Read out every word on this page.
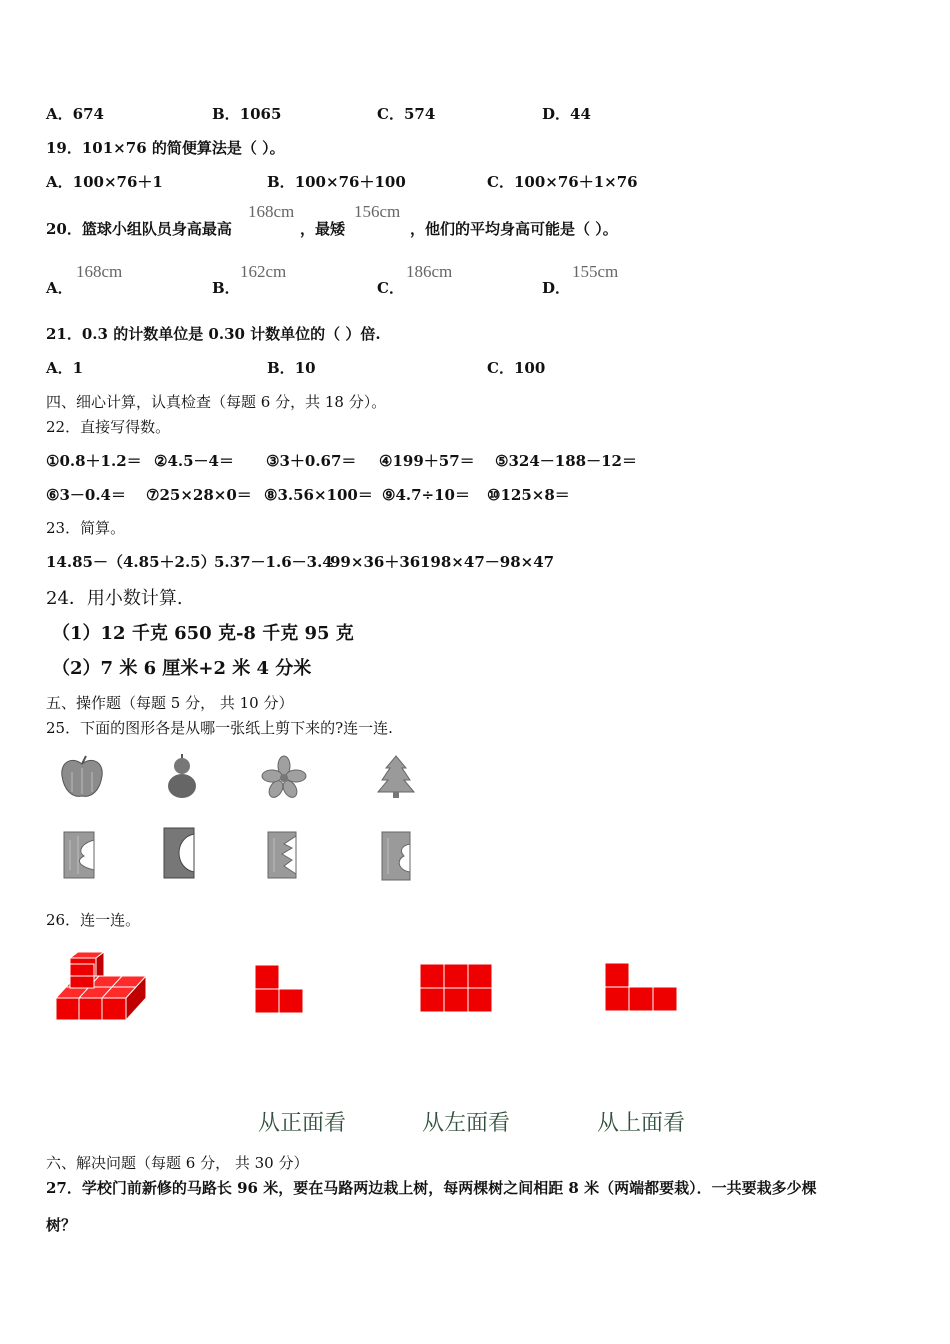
A．674	B．1065	C．574	D．44
19．101×76 的简便算法是（ ）。
A．100×76＋1	B．100×76＋100	C．100×76＋1×76
20．篮球小组队员身高最高
168cm
，最矮
156cm
，他们的平均身高可能是（ ）。
A．
168cm
B．
162cm
C．
186cm
D．
155cm
21．0.3 的计数单位是 0.30 计数单位的（ ）倍.
A．1	B．10	C．100
四、细心计算，认真检查（每题 6 分，共 18 分）。
22．直接写得数。
①0.8＋1.2＝ ②4.5－4＝ ③3＋0.67＝ ④199＋57＝ ⑤324－188－12＝
⑥3－0.4＝ ⑦25×28×0＝ ⑧3.56×100＝ ⑨4.7÷10＝ ⑩125×8＝
23．简算。
14.85－（4.85＋2.5）
5.37－1.6－3.4
99×36＋36 198×47－98×47
24．用小数计算.
（1）12 千克 650 克-8 千克 95 克
（2）7 米 6 厘米+2 米 4 分米
五、操作题（每题 5 分， 共 10 分）
25．下面的图形各是从哪一张纸上剪下来的?连一连.
26．连一连。
从正面看	从左面看	从上面看
六、解决问题（每题 6 分， 共 30 分）
27．学校门前新修的马路长 96 米，要在马路两边栽上树，每两棵树之间相距 8 米（两端都要栽）．一共要栽多少棵
树？
